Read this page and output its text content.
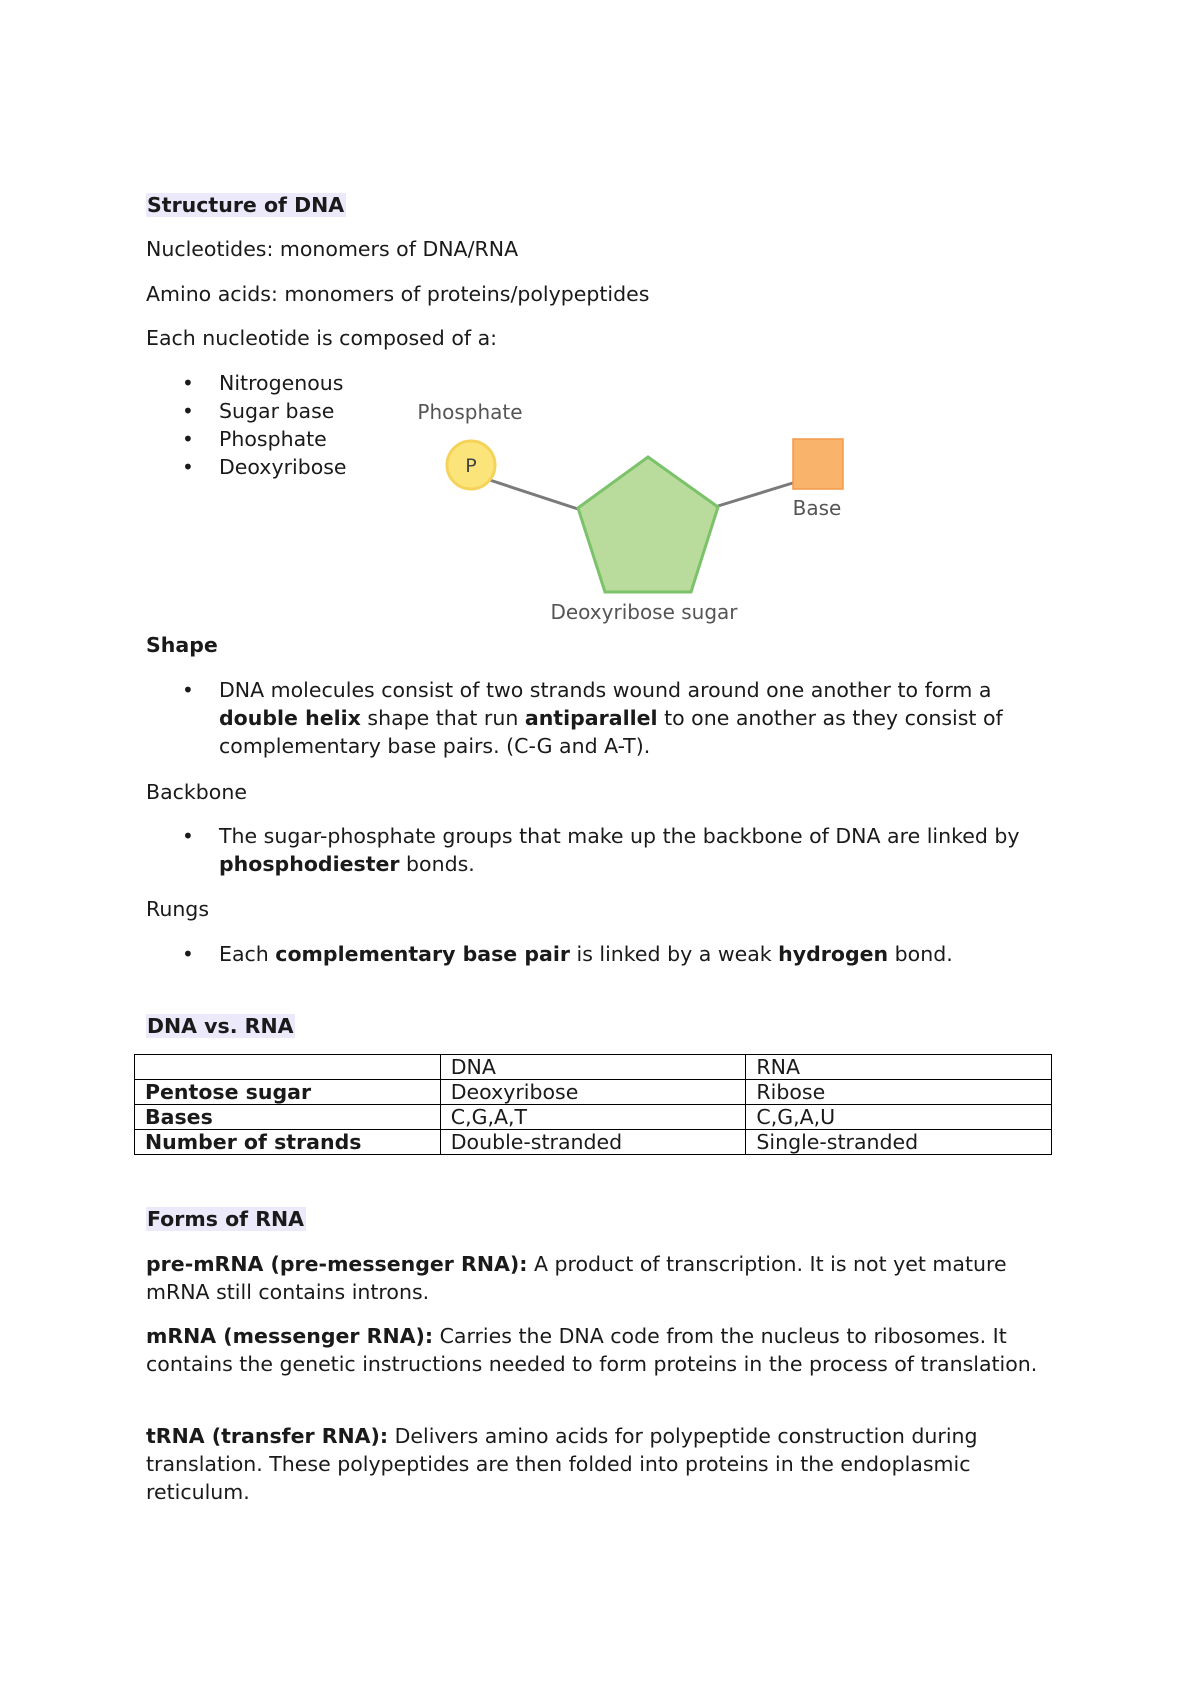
Structure of DNA
Nucleotides: monomers of DNA/RNA
Amino acids: monomers of proteins/polypeptides
Each nucleotide is composed of a:
• Nitrogenous
• Sugar base
• Phosphate
• Deoxyribose	P
Phosphate
Base
Deoxyribose sugar
Shape
• DNA molecules consist of two strands wound around one another to form a double helix shape that run antiparallel to one another as they consist of complementary base pairs. (C-G and A-T).
Backbone
• The sugar-phosphate groups that make up the backbone of DNA are linked by phosphodiester bonds.
Rungs
• Each complementary base pair is linked by a weak hydrogen bond.
DNA vs. RNA
	DNA	RNA
Pentose sugar	Deoxyribose	Ribose
Bases	C,G,A,T	C,G,A,U
Number of strands	Double-stranded	Single-stranded
Forms of RNA
pre-mRNA (pre-messenger RNA): A product of transcription. It is not yet mature mRNA still contains introns.
mRNA (messenger RNA): Carries the DNA code from the nucleus to ribosomes. It contains the genetic instructions needed to form proteins in the process of translation.
tRNA (transfer RNA): Delivers amino acids for polypeptide construction during translation. These polypeptides are then folded into proteins in the endoplasmic reticulum.
